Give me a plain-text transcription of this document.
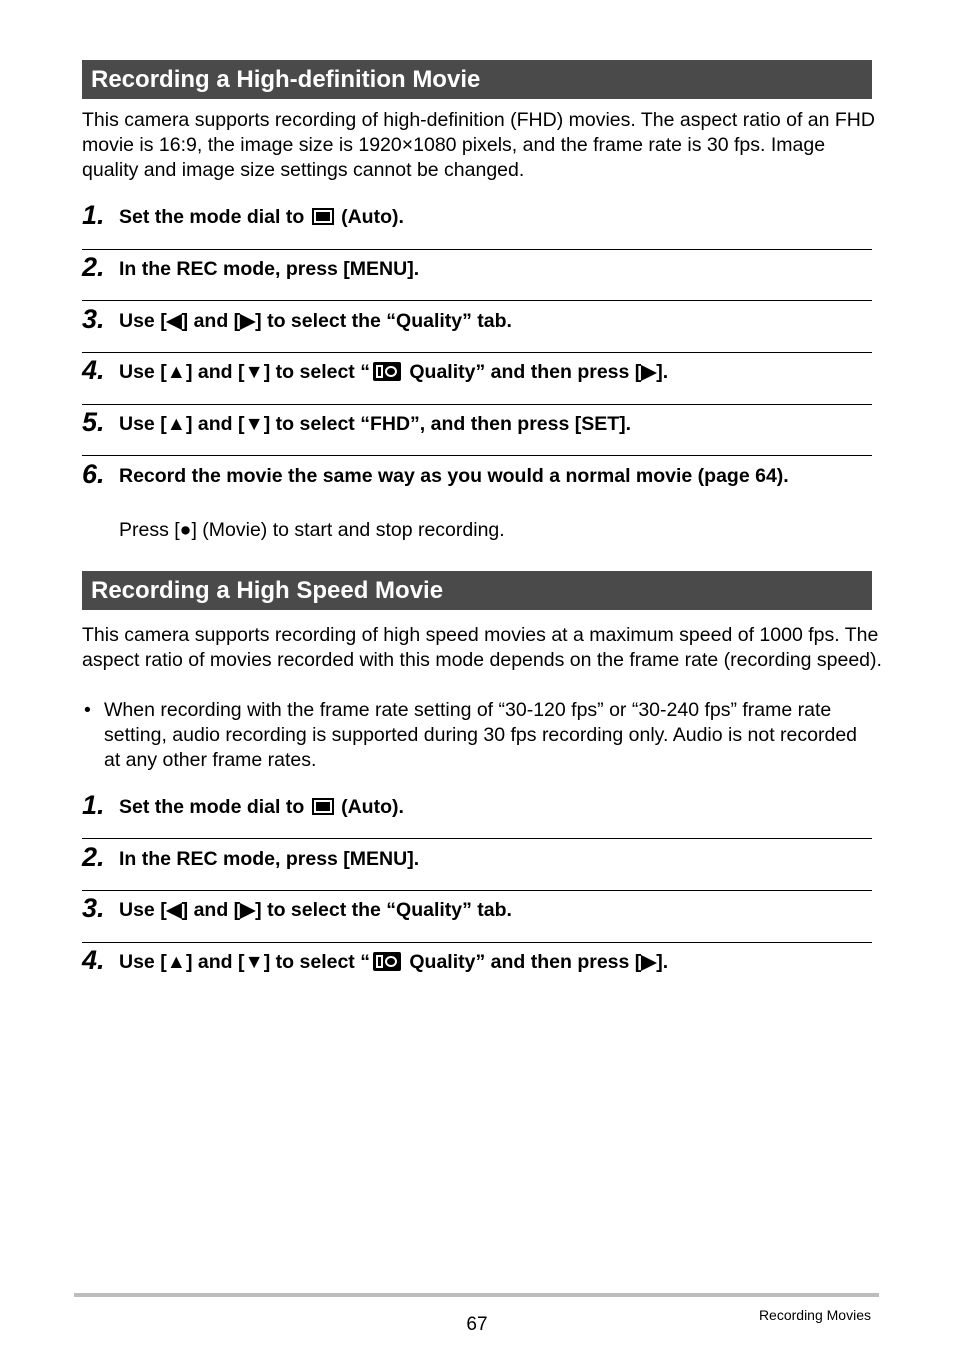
Recording a High-definition Movie

This camera supports recording of high-definition (FHD) movies. The aspect ratio of an FHD movie is 16:9, the image size is 1920×1080 pixels, and the frame rate is 30 fps. Image quality and image size settings cannot be changed.

1. Set the mode dial to  (Auto).
2. In the REC mode, press [MENU].
3. Use [◀] and [▶] to select the “Quality” tab.
4. Use [▲] and [▼] to select “ Quality” and then press [▶].
5. Use [▲] and [▼] to select “FHD”, and then press [SET].
6. Record the movie the same way as you would a normal movie (page 64).
Press [●] (Movie) to start and stop recording.
Recording a High Speed Movie

This camera supports recording of high speed movies at a maximum speed of 1000 fps. The aspect ratio of movies recorded with this mode depends on the frame rate (recording speed).

• When recording with the frame rate setting of “30-120 fps” or “30-240 fps” frame rate setting, audio recording is supported during 30 fps recording only. Audio is not recorded at any other frame rates.
1. Set the mode dial to  (Auto).
2. In the REC mode, press [MENU].
3. Use [◀] and [▶] to select the “Quality” tab.
4. Use [▲] and [▼] to select “ Quality” and then press [▶].
67	Recording Movies
